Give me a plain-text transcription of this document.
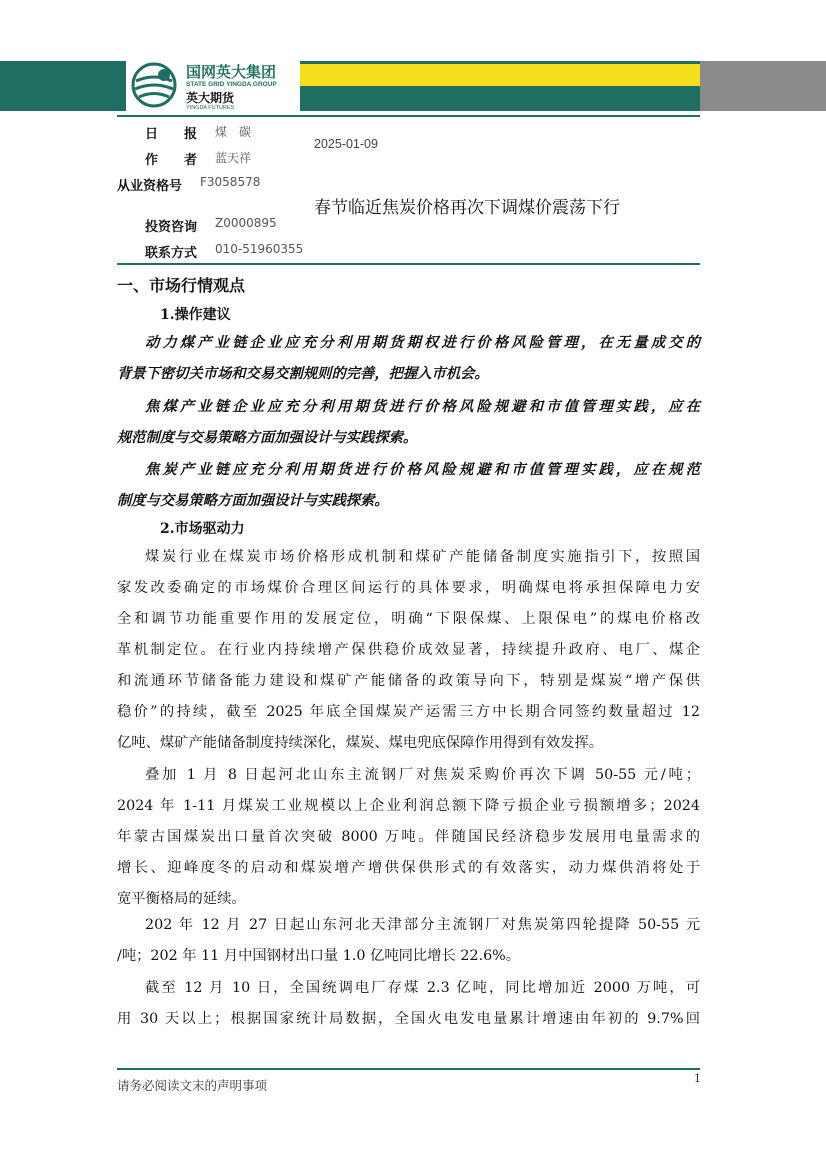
国网英大集团
STATE GRID YINGDA GROUP
英大期货
YINGDA FUTURES
日　　报 煤　碳
作　　者 蓝天祥
从业资格号 F3058578
投资咨询 Z0000895
联系方式 010-51960355
2025-01-09
春节临近焦炭价格再次下调煤价震荡下行
一、市场行情观点
1.操作建议
动力煤产业链企业应充分利用期货期权进行价格风险管理，在无量成交的
背景下密切关市场和交易交割规则的完善，把握入市机会。
焦煤产业链企业应充分利用期货进行价格风险规避和市值管理实践，应在
规范制度与交易策略方面加强设计与实践探索。
焦炭产业链应充分利用期货进行价格风险规避和市值管理实践，应在规范
制度与交易策略方面加强设计与实践探索。
2.市场驱动力
煤炭行业在煤炭市场价格形成机制和煤矿产能储备制度实施指引下，按照国
家发改委确定的市场煤价合理区间运行的具体要求，明确煤电将承担保障电力安
全和调节功能重要作用的发展定位，明确“下限保煤、上限保电”的煤电价格改
革机制定位。在行业内持续增产保供稳价成效显著，持续提升政府、电厂、煤企
和流通环节储备能力建设和煤矿产能储备的政策导向下，特别是煤炭“增产保供
稳价”的持续，截至 2025 年底全国煤炭产运需三方中长期合同签约数量超过 12
亿吨、煤矿产能储备制度持续深化，煤炭、煤电兜底保障作用得到有效发挥。
叠加 1 月 8 日起河北山东主流钢厂对焦炭采购价再次下调 50-55 元/吨；
2024 年 1-11 月煤炭工业规模以上企业利润总额下降亏损企业亏损额增多；2024
年蒙古国煤炭出口量首次突破 8000 万吨。伴随国民经济稳步发展用电量需求的
增长、迎峰度冬的启动和煤炭增产增供保供形式的有效落实，动力煤供消将处于
宽平衡格局的延续。
202 年 12 月 27 日起山东河北天津部分主流钢厂对焦炭第四轮提降 50-55 元
/吨；202 年 11 月中国钢材出口量 1.0 亿吨同比增长 22.6%。
截至 12 月 10 日，全国统调电厂存煤 2.3 亿吨，同比增加近 2000 万吨，可
用 30 天以上；根据国家统计局数据，全国火电发电量累计增速由年初的 9.7%回
请务必阅读文末的声明事项	1
